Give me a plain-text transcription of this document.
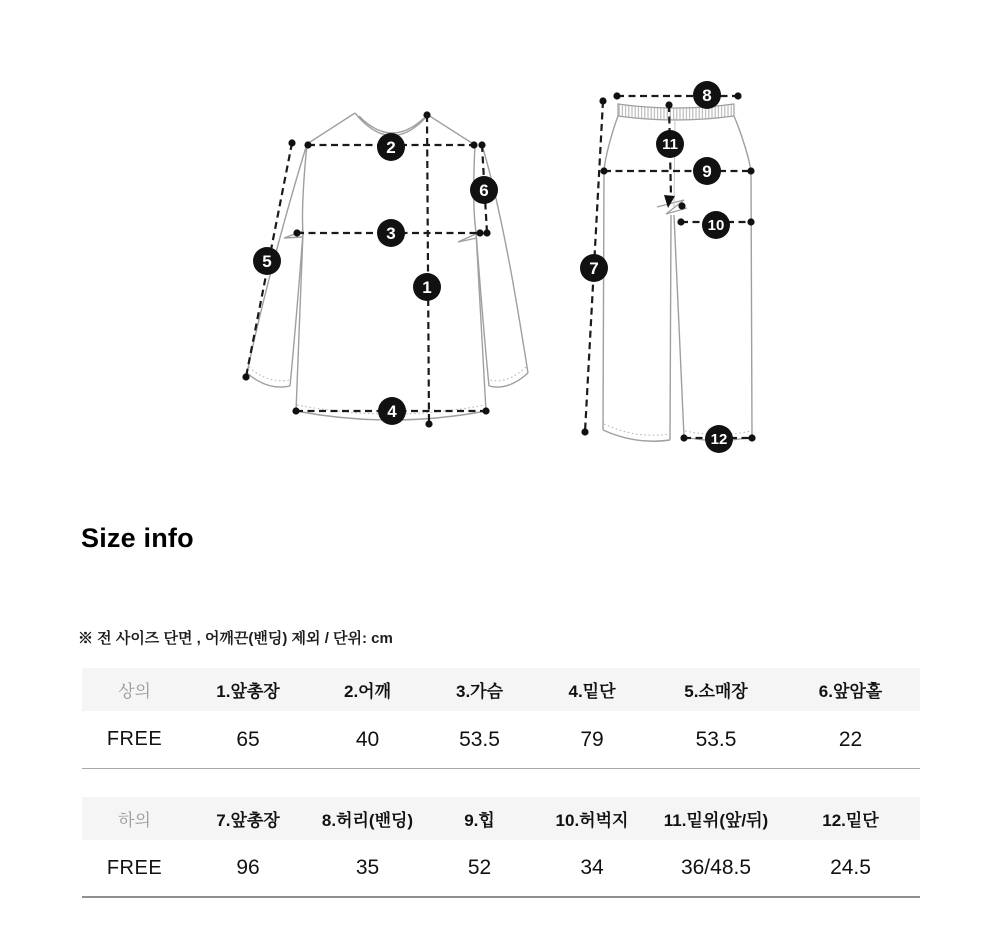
1
2
3
4
5
6
7
8
9
10
11
12
Size info
※ 전 사이즈 단면 , 어깨끈(밴딩) 제외 / 단위: cm
상의	1.앞총장	2.어깨	3.가슴	4.밑단	5.소매장	6.앞암홀
FREE	65	40	53.5	79	53.5	22
하의	7.앞총장	8.허리(밴딩)	9.힙	10.허벅지	11.밑위(앞/뒤)	12.밑단
FREE	96	35	52	34	36/48.5	24.5
